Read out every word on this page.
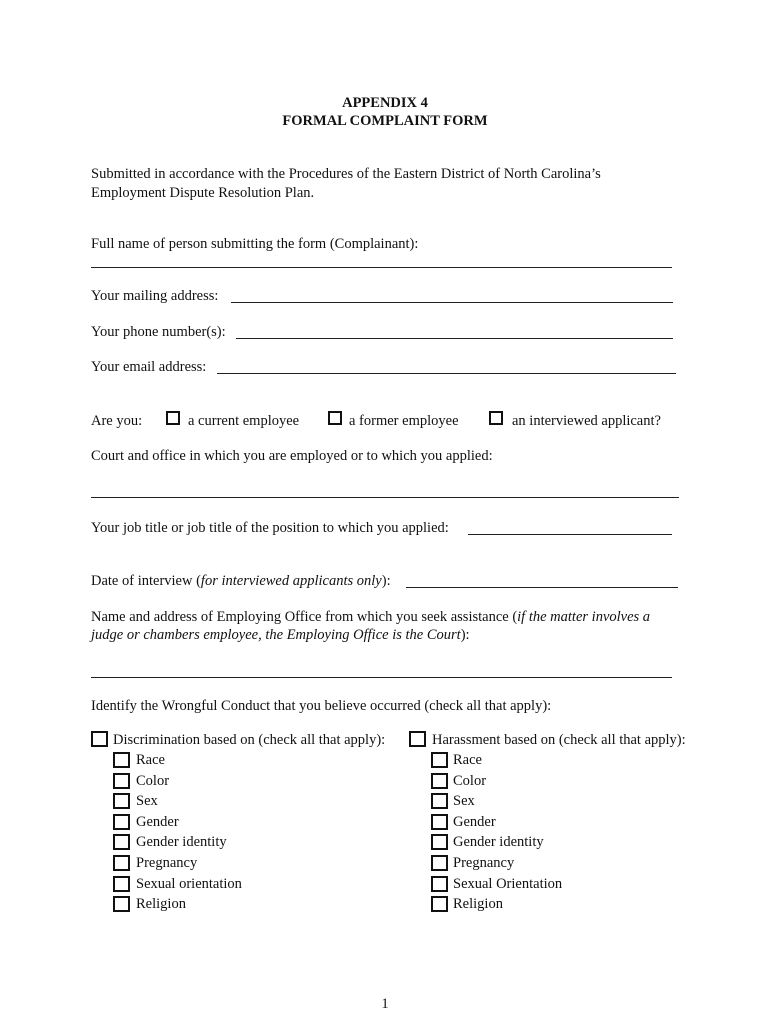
APPENDIX 4
FORMAL COMPLAINT FORM
Submitted in accordance with the Procedures of the Eastern District of North Carolina’s
Employment Dispute Resolution Plan.
Full name of person submitting the form (Complainant):
Your mailing address:
Your phone number(s):
Your email address:
Are you:	a current employee	a former employee	an interviewed applicant?
Court and office in which you are employed or to which you applied:
Your job title or job title of the position to which you applied:
Date of interview (for interviewed applicants only):
Name and address of Employing Office from which you seek assistance (if the matter involves a
judge or chambers employee, the Employing Office is the Court):
Identify the Wrongful Conduct that you believe occurred (check all that apply):
Discrimination based on (check all that apply):
Race
Color
Sex
Gender
Gender identity
Pregnancy
Sexual orientation
Religion
Harassment based on (check all that apply):
Race
Color
Sex
Gender
Gender identity
Pregnancy
Sexual Orientation
Religion
1
